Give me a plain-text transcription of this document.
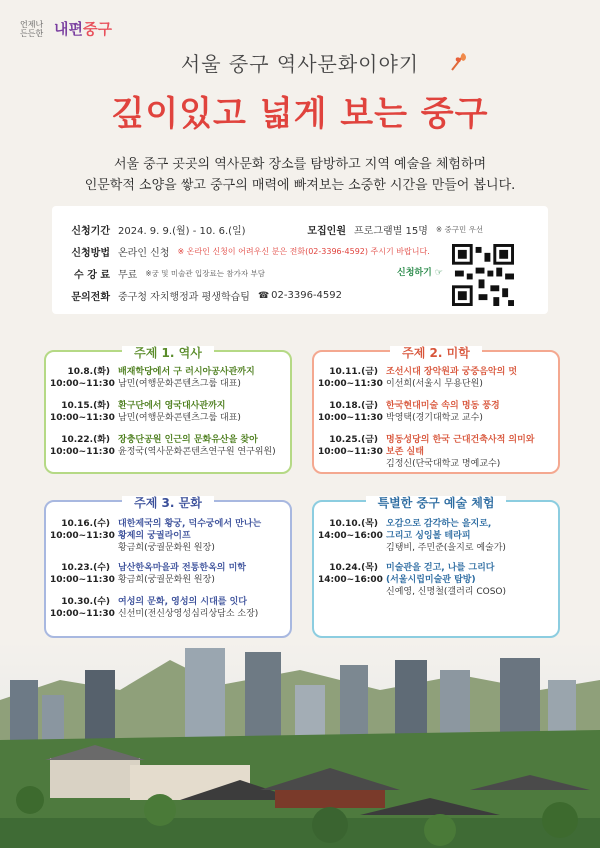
언제나 든든한 내편중구
서울 중구 역사문화이야기
깊이있고 넓게 보는 중구
서울 중구 곳곳의 역사문화 장소를 탐방하고 지역 예술을 체험하며
인문학적 소양을 쌓고 중구의 매력에 빠져보는 소중한 시간을 만들어 봅니다.
신청기간 2024. 9. 9.(월) - 10. 6.(일)	모집인원 프로그램별 15명 ※ 중구민 우선
신청방법 온라인 신청 ※ 온라인 신청이 어려우신 분은 전화(02-3396-4592) 주시기 바랍니다.
수 강 료 무료 ※궁 및 미술관 입장료는 참가자 부담
문의전화 중구청 자치행정과 평생학습팀 ☎ 02-3396-4592
신청하기 ☞
주제 1. 역사
10.8.(화)
10:00~11:30
배재학당에서 구 러시아공사관까지
남민(여행문화콘텐츠그룹 대표)
10.15.(화)
10:00~11:30
환구단에서 영국대사관까지
남민(여행문화콘텐츠그룹 대표)
10.22.(화)
10:00~11:30
장충단공원 인근의 문화유산을 찾아
윤정국(역사문화콘텐츠연구원 연구위원)
주제 2. 미학
10.11.(금)
10:00~11:30
조선시대 장악원과 궁중음악의 멋
이선희(서울시 무용단원)
10.18.(금)
10:00~11:30
한국현대미술 속의 명동 풍경
박영택(경기대학교 교수)
10.25.(금)
10:00~11:30
명동성당의 한국 근대건축사적 의미와
보존 실태
김정신(단국대학교 명예교수)
주제 3. 문화
10.16.(수)
10:00~11:30
대한제국의 황궁, 덕수궁에서 만나는
황제의 궁궐라이프
황금희(궁궐문화원 원장)
10.23.(수)
10:00~11:30
남산한옥마을과 전통한옥의 미학
황금희(궁궐문화원 원장)
10.30.(수)
10:00~11:30
여성의 문화, 영성의 시대를 잇다
신선미(전신상영성심리상담소 소장)
특별한 중구 예술 체험
10.10.(목)
14:00~16:00
오감으로 감각하는 을지로,
그리고 싱잉볼 테라피
김탱비, 주민준(을지로 예술가)
10.24.(목)
14:00~16:00
미술관을 걷고, 나를 그리다
(서울시립미술관 탐방)
신예영, 신명철(갤러리 COSO)
